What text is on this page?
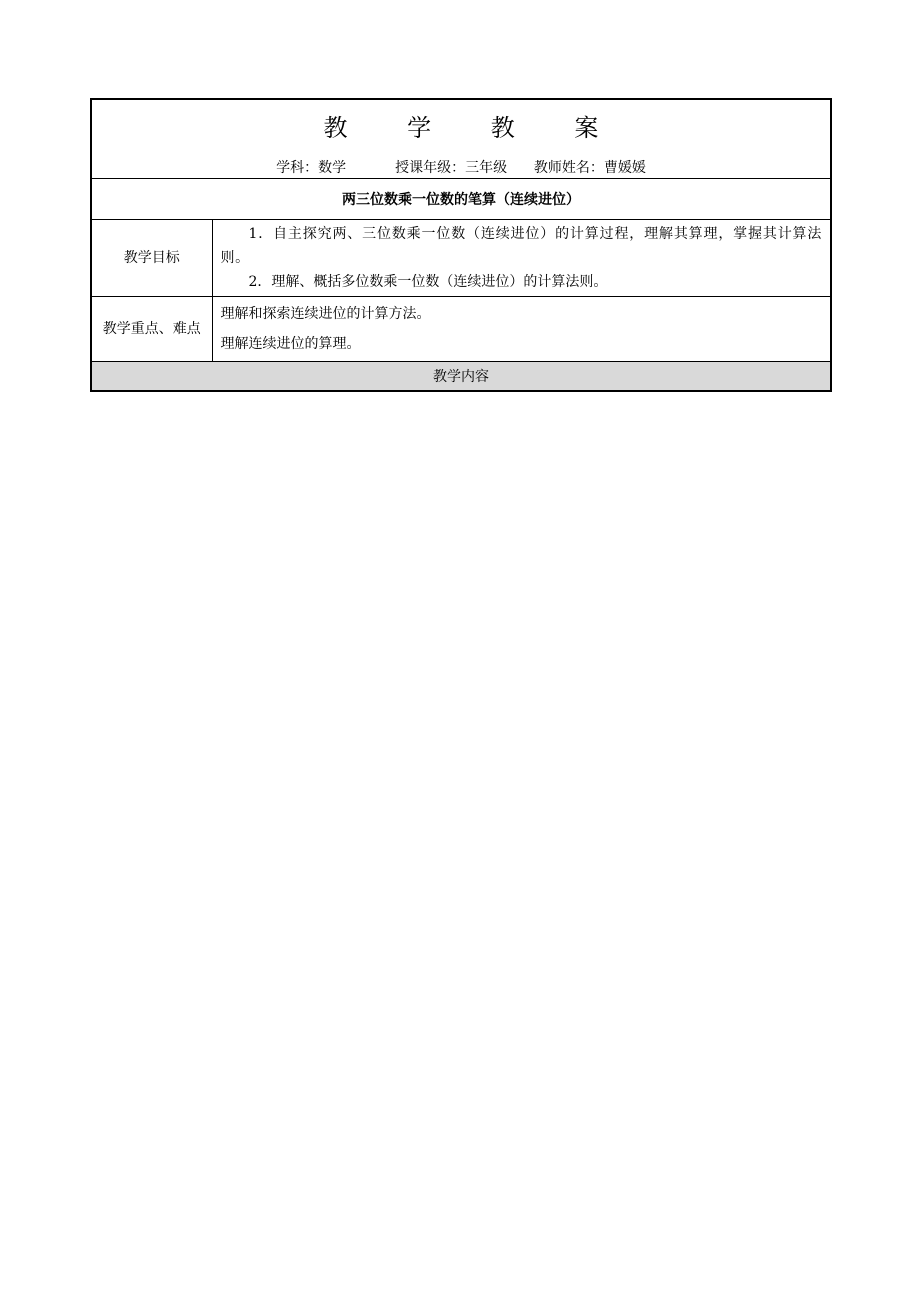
教 学 教 案
学科：数学 授课年级：三年级 教师姓名：曹媛媛	

两三位数乘一位数的笔算（连续进位）	
教学目标	1．自主探究两、三位数乘一位数（连续进位）的计算过程，理解其算理，掌握其计算法则。
2．理解、概括多位数乘一位数（连续进位）的计算法则。

教学重点、难点	理解和探索连续进位的计算方法。
理解连续进位的算理。

教学内容	
